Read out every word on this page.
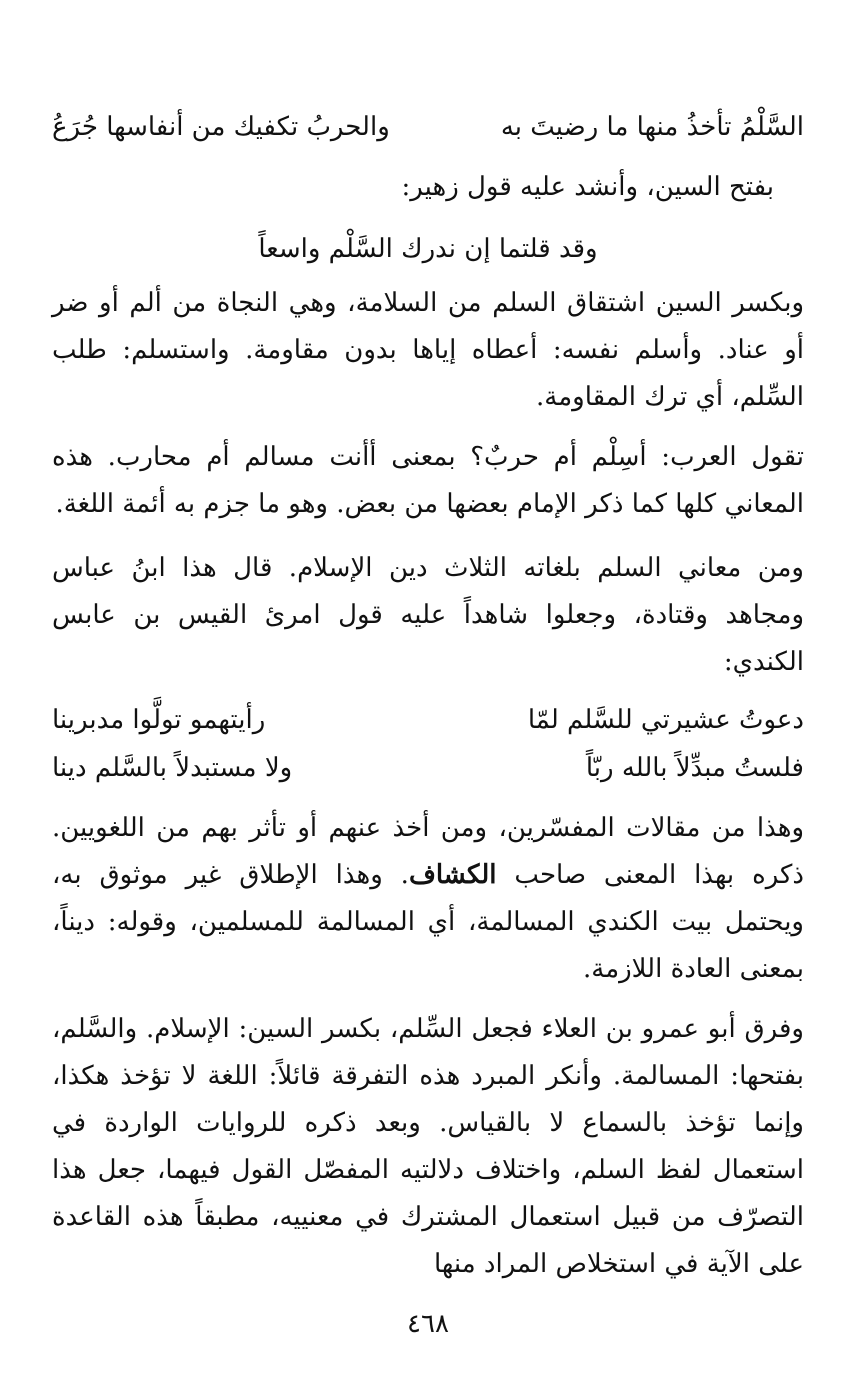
السَّلْمُ تأخذُ منها ما رضيتَ به
والحربُ تكفيك من أنفاسها جُرَعُ
بفتح السين، وأنشد عليه قول زهير:
وقد قلتما إن ندرك السَّلْم واسعاً
وبكسر السين اشتقاق السلم من السلامة، وهي النجاة من ألم أو ضر أو عناد. وأسلم نفسه: أعطاه إياها بدون مقاومة. واستسلم: طلب السِّلم، أي ترك المقاومة.
تقول العرب: أسِلْم أم حربٌ؟ بمعنى أأنت مسالم أم محارب. هذه المعاني كلها كما ذكر الإمام بعضها من بعض. وهو ما جزم به أئمة اللغة.
ومن معاني السلم بلغاته الثلاث دين الإسلام. قال هذا ابنُ عباس ومجاهد وقتادة، وجعلوا شاهداً عليه قول امرئ القيس بن عابس الكندي:
دعوتُ عشيرتي للسَّلم لمّا
رأيتهمو تولَّوا مدبرينا
فلستُ مبدِّلاً بالله ربّاً
ولا مستبدلاً بالسَّلم دينا
وهذا من مقالات المفسّرين، ومن أخذ عنهم أو تأثر بهم من اللغويين. ذكره بهذا المعنى صاحب الكشاف. وهذا الإطلاق غير موثوق به، ويحتمل بيت الكندي المسالمة، أي المسالمة للمسلمين، وقوله: ديناً، بمعنى العادة اللازمة.
وفرق أبو عمرو بن العلاء فجعل السِّلم، بكسر السين: الإسلام. والسَّلم، بفتحها: المسالمة. وأنكر المبرد هذه التفرقة قائلاً: اللغة لا تؤخذ هكذا، وإنما تؤخذ بالسماع لا بالقياس. وبعد ذكره للروايات الواردة في استعمال لفظ السلم، واختلاف دلالتيه المفصّل القول فيهما، جعل هذا التصرّف من قبيل استعمال المشترك في معنييه، مطبقاً هذه القاعدة على الآية في استخلاص المراد منها
٤٦٨
